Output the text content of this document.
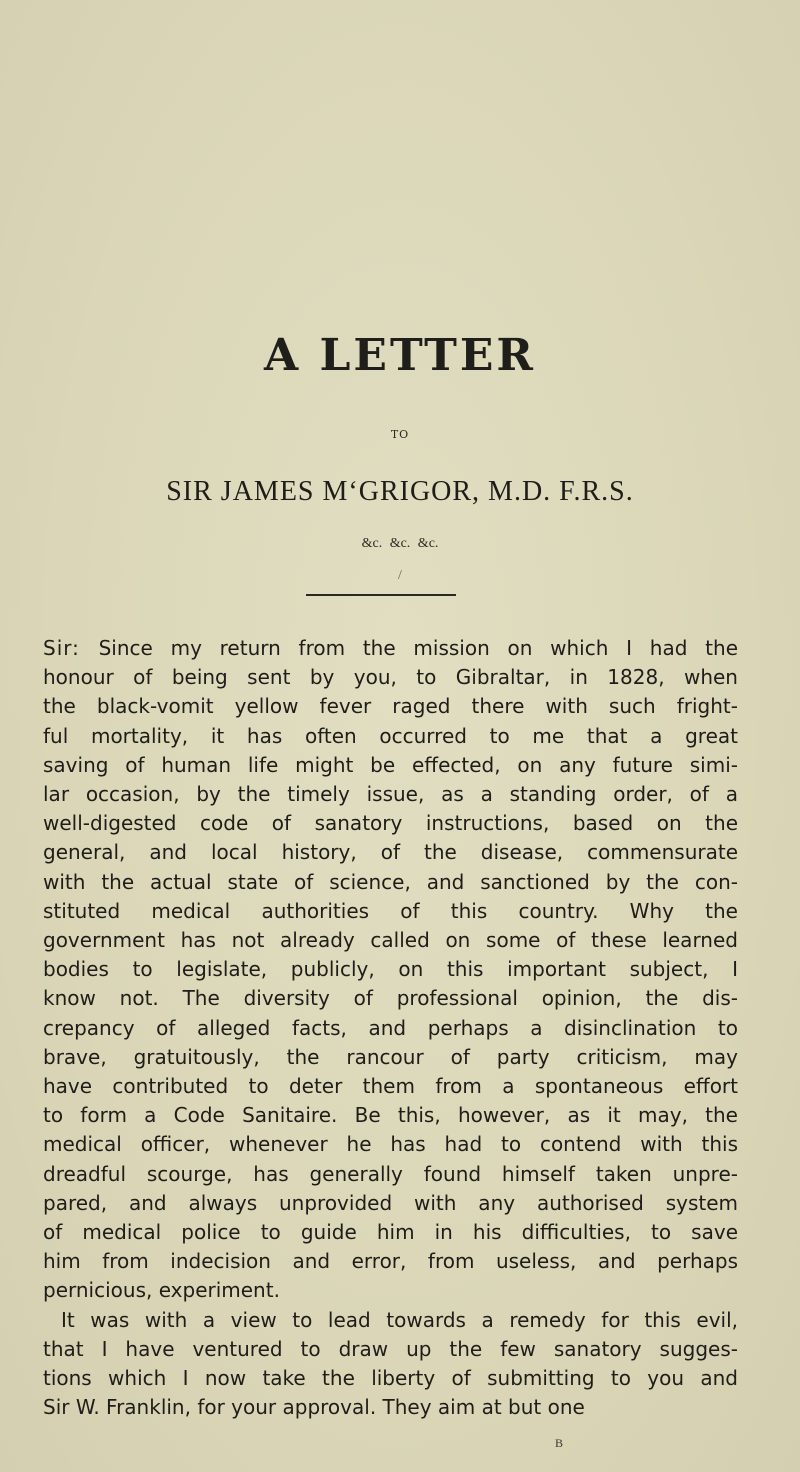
A LETTER
TO
SIR JAMES M‘GRIGOR, M.D. F.R.S.
&c. &c. &c.
/

Sir: Since my return from the mission on which I had the
honour of being sent by you, to Gibraltar, in 1828, when
the black-vomit yellow fever raged there with such fright-
ful mortality, it has often occurred to me that a great
saving of human life might be effected, on any future simi-
lar occasion, by the timely issue, as a standing order, of a
well-digested code of sanatory instructions, based on the
general, and local history, of the disease, commensurate
with the actual state of science, and sanctioned by the con-
stituted medical authorities of this country. Why the
government has not already called on some of these learned
bodies to legislate, publicly, on this important subject, I
know not. The diversity of professional opinion, the dis-
crepancy of alleged facts, and perhaps a disinclination to
brave, gratuitously, the rancour of party criticism, may
have contributed to deter them from a spontaneous effort
to form a Code Sanitaire. Be this, however, as it may, the
medical officer, whenever he has had to contend with this
dreadful scourge, has generally found himself taken unpre-
pared, and always unprovided with any authorised system
of medical police to guide him in his difficulties, to save
him from indecision and error, from useless, and perhaps
pernicious, experiment.

It was with a view to lead towards a remedy for this evil,
that I have ventured to draw up the few sanatory sugges-
tions which I now take the liberty of submitting to you and
Sir W. Franklin, for your approval. They aim at but one

B
